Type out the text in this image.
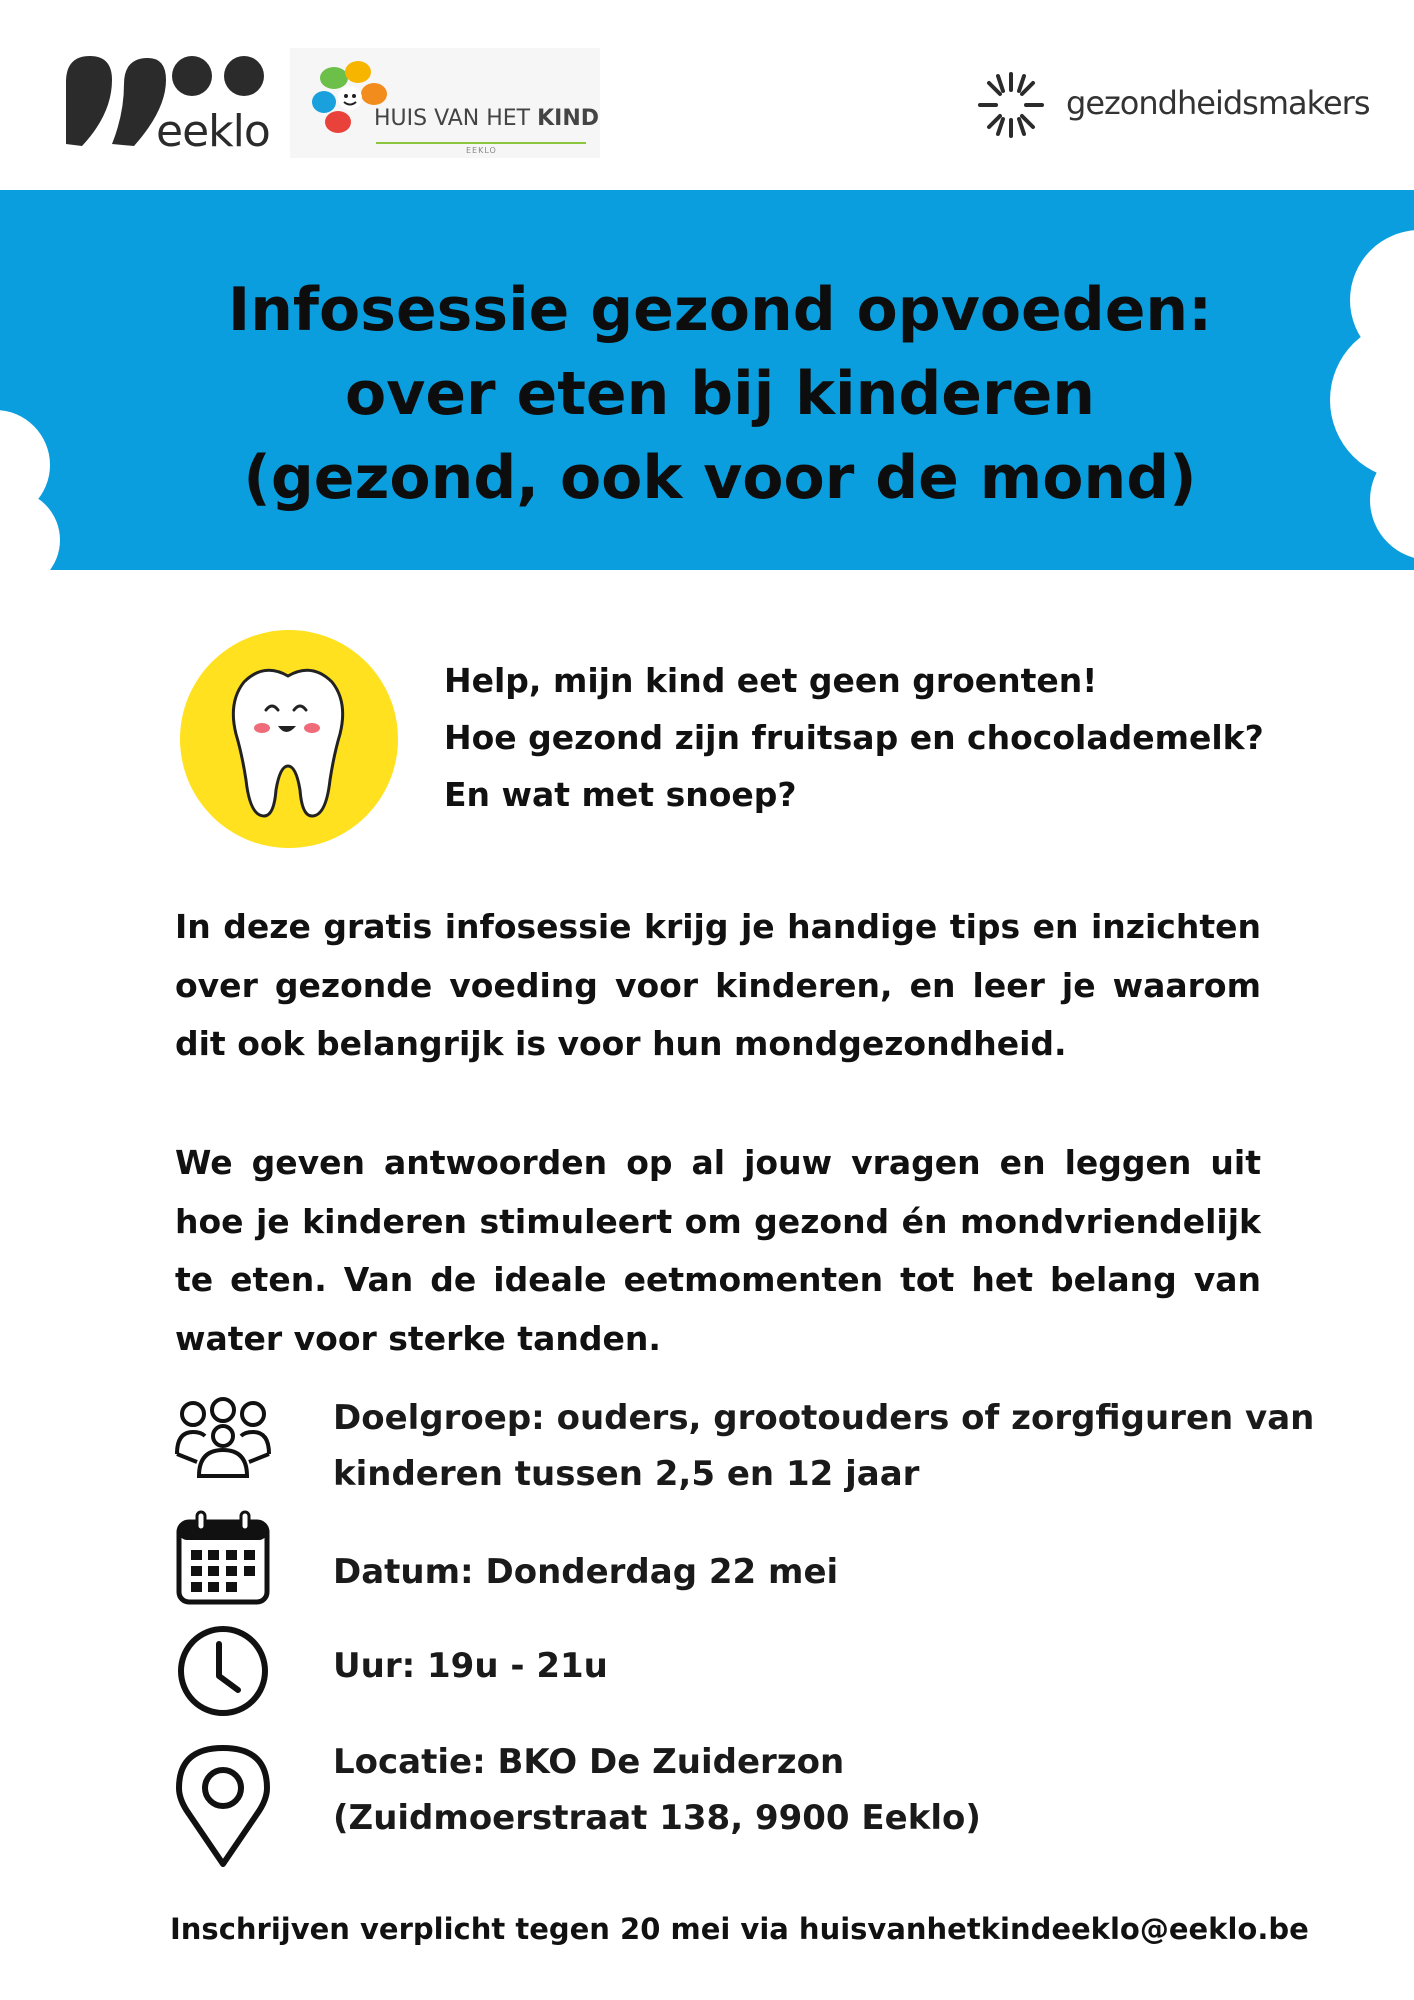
eeklo	HUIS VAN HET KIND
EEKLO
gezondheidsmakers
Infosessie gezond opvoeden:
over eten bij kinderen
(gezond, ook voor de mond)

Help, mijn kind eet geen groenten!
Hoe gezond zijn fruitsap en chocolademelk?
En wat met snoep?

In deze gratis infosessie krijg je handige tips en inzichten over gezonde voeding voor kinderen, en leer je waarom dit ook belangrijk is voor hun mondgezondheid.

We geven antwoorden op al jouw vragen en leggen uit hoe je kinderen stimuleert om gezond én mondvriendelijk te eten. Van de ideale eetmomenten tot het belang van water voor sterke tanden.

Doelgroep: ouders, grootouders of zorgfiguren van
kinderen tussen 2,5 en 12 jaar

Datum: Donderdag 22 mei

Uur: 19u - 21u

Locatie: BKO De Zuiderzon
(Zuidmoerstraat 138, 9900 Eeklo)

Inschrijven verplicht tegen 20 mei via huisvanhetkindeeklo@eeklo.be
